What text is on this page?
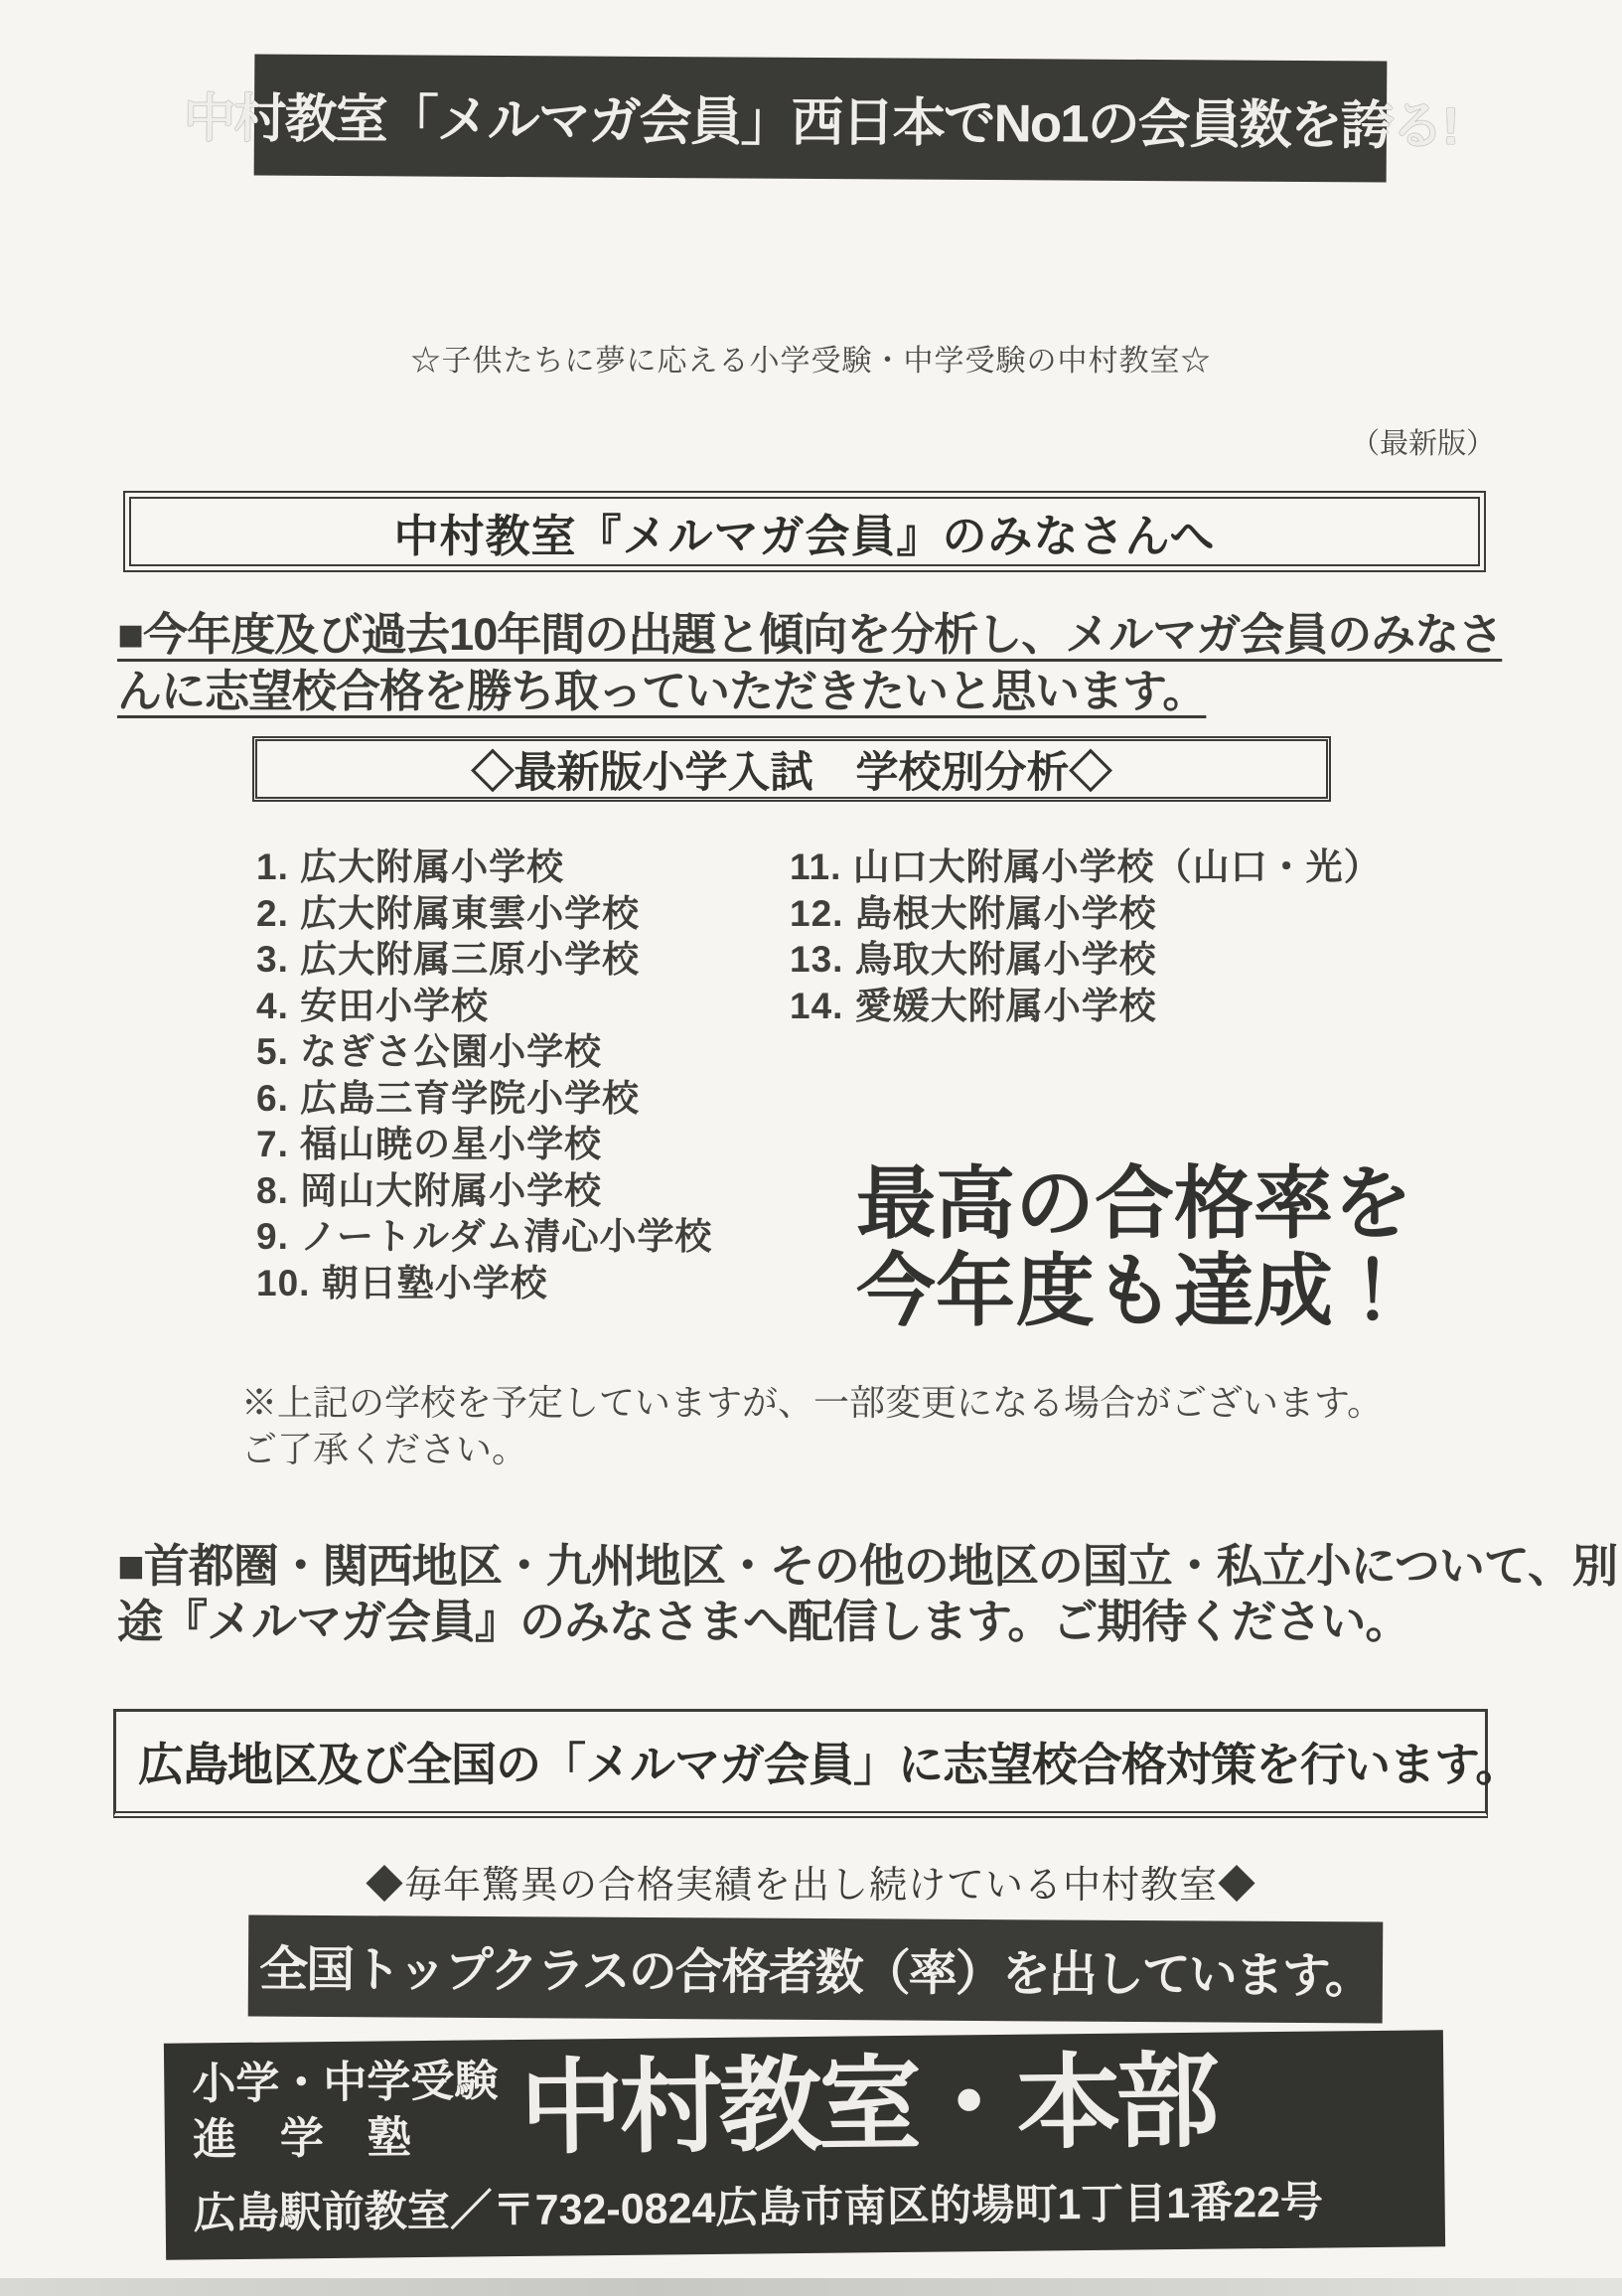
中村教室「メルマガ会員」西日本でNo1の会員数を誇る!
☆子供たちに夢に応える小学受験・中学受験の中村教室☆
（最新版）
中村教室『メルマガ会員』のみなさんへ
■今年度及び過去10年間の出題と傾向を分析し、メルマガ会員のみなさ
んに志望校合格を勝ち取っていただきたいと思います。
◇最新版小学入試　学校別分析◇
1. 広大附属小学校
2. 広大附属東雲小学校
3. 広大附属三原小学校
4. 安田小学校
5. なぎさ公園小学校
6. 広島三育学院小学校
7. 福山暁の星小学校
8. 岡山大附属小学校
9. ノートルダム清心小学校
10. 朝日塾小学校
11. 山口大附属小学校（山口・光）
12. 島根大附属小学校
13. 鳥取大附属小学校
14. 愛媛大附属小学校
最高の合格率を
今年度も達成！
※上記の学校を予定していますが、一部変更になる場合がございます。
ご了承ください。
■首都圏・関西地区・九州地区・その他の地区の国立・私立小について、別
途『メルマガ会員』のみなさまへ配信します。ご期待ください。
広島地区及び全国の「メルマガ会員」に志望校合格対策を行います。
◆毎年驚異の合格実績を出し続けている中村教室◆
全国トップクラスの合格者数（率）を出しています。
小学・中学受験
進　学　塾	中村教室・本部
広島駅前教室／〒732-0824広島市南区的場町1丁目1番22号
